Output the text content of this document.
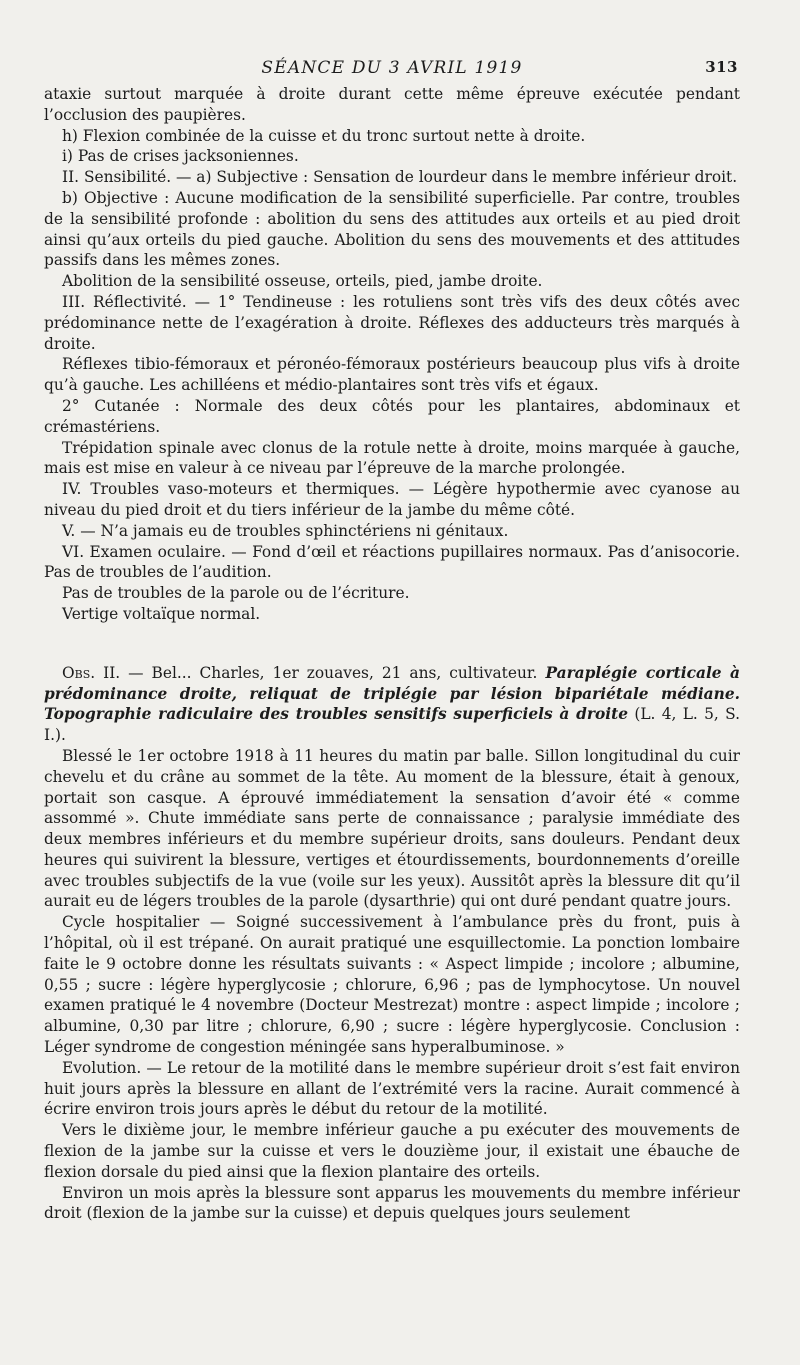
SÉANCE DU 3 AVRIL 1919	313

ataxie surtout marquée à droite durant cette même épreuve exécutée pendant l’occlusion des paupières.

h) Flexion combinée de la cuisse et du tronc surtout nette à droite.

i) Pas de crises jacksoniennes.

II. Sensibilité. — a) Subjective : Sensation de lourdeur dans le membre inférieur droit.

b) Objective : Aucune modification de la sensibilité superficielle. Par contre, troubles de la sensibilité profonde : abolition du sens des attitudes aux orteils et au pied droit ainsi qu’aux orteils du pied gauche. Abolition du sens des mouvements et des attitudes passifs dans les mêmes zones.

Abolition de la sensibilité osseuse, orteils, pied, jambe droite.

III. Réflectivité. — 1° Tendineuse : les rotuliens sont très vifs des deux côtés avec prédominance nette de l’exagération à droite. Réflexes des adducteurs très marqués à droite.

Réflexes tibio-fémoraux et péronéo-fémoraux postérieurs beaucoup plus vifs à droite qu’à gauche. Les achilléens et médio-plantaires sont très vifs et égaux.

2° Cutanée : Normale des deux côtés pour les plantaires, abdominaux et crémastériens.

Trépidation spinale avec clonus de la rotule nette à droite, moins marquée à gauche, mais est mise en valeur à ce niveau par l’épreuve de la marche prolongée.

IV. Troubles vaso-moteurs et thermiques. — Légère hypothermie avec cyanose au niveau du pied droit et du tiers inférieur de la jambe du même côté.

V. — N’a jamais eu de troubles sphinctériens ni génitaux.

VI. Examen oculaire. — Fond d’œil et réactions pupillaires normaux. Pas d’anisocorie. Pas de troubles de l’audition.

Pas de troubles de la parole ou de l’écriture.

Vertige voltaïque normal.

Obs. II. — Bel... Charles, 1er zouaves, 21 ans, cultivateur. Paraplégie corticale à prédominance droite, reliquat de triplégie par lésion bipariétale médiane. Topographie radiculaire des troubles sensitifs superficiels à droite (L. 4, L. 5, S. I.).

Blessé le 1er octobre 1918 à 11 heures du matin par balle. Sillon longitudinal du cuir chevelu et du crâne au sommet de la tête. Au moment de la blessure, était à genoux, portait son casque. A éprouvé immédiatement la sensation d’avoir été « comme assommé ». Chute immédiate sans perte de connaissance ; paralysie immédiate des deux membres inférieurs et du membre supérieur droits, sans douleurs. Pendant deux heures qui suivirent la blessure, vertiges et étourdissements, bourdonnements d’oreille avec troubles subjectifs de la vue (voile sur les yeux). Aussitôt après la blessure dit qu’il aurait eu de légers troubles de la parole (dysarthrie) qui ont duré pendant quatre jours.

Cycle hospitalier — Soigné successivement à l’ambulance près du front, puis à l’hôpital, où il est trépané. On aurait pratiqué une esquillectomie. La ponction lombaire faite le 9 octobre donne les résultats suivants : « Aspect limpide ; incolore ; albumine, 0,55 ; sucre : légère hyperglycosie ; chlorure, 6,96 ; pas de lymphocytose. Un nouvel examen pratiqué le 4 novembre (Docteur Mestrezat) montre : aspect limpide ; incolore ; albumine, 0,30 par litre ; chlorure, 6,90 ; sucre : légère hyperglycosie. Conclusion : Léger syndrome de congestion méningée sans hyperalbuminose. »

Evolution. — Le retour de la motilité dans le membre supérieur droit s’est fait environ huit jours après la blessure en allant de l’extrémité vers la racine. Aurait commencé à écrire environ trois jours après le début du retour de la motilité.

Vers le dixième jour, le membre inférieur gauche a pu exécuter des mouvements de flexion de la jambe sur la cuisse et vers le douzième jour, il existait une ébauche de flexion dorsale du pied ainsi que la flexion plantaire des orteils.

Environ un mois après la blessure sont apparus les mouvements du membre inférieur droit (flexion de la jambe sur la cuisse) et depuis quelques jours seulement
